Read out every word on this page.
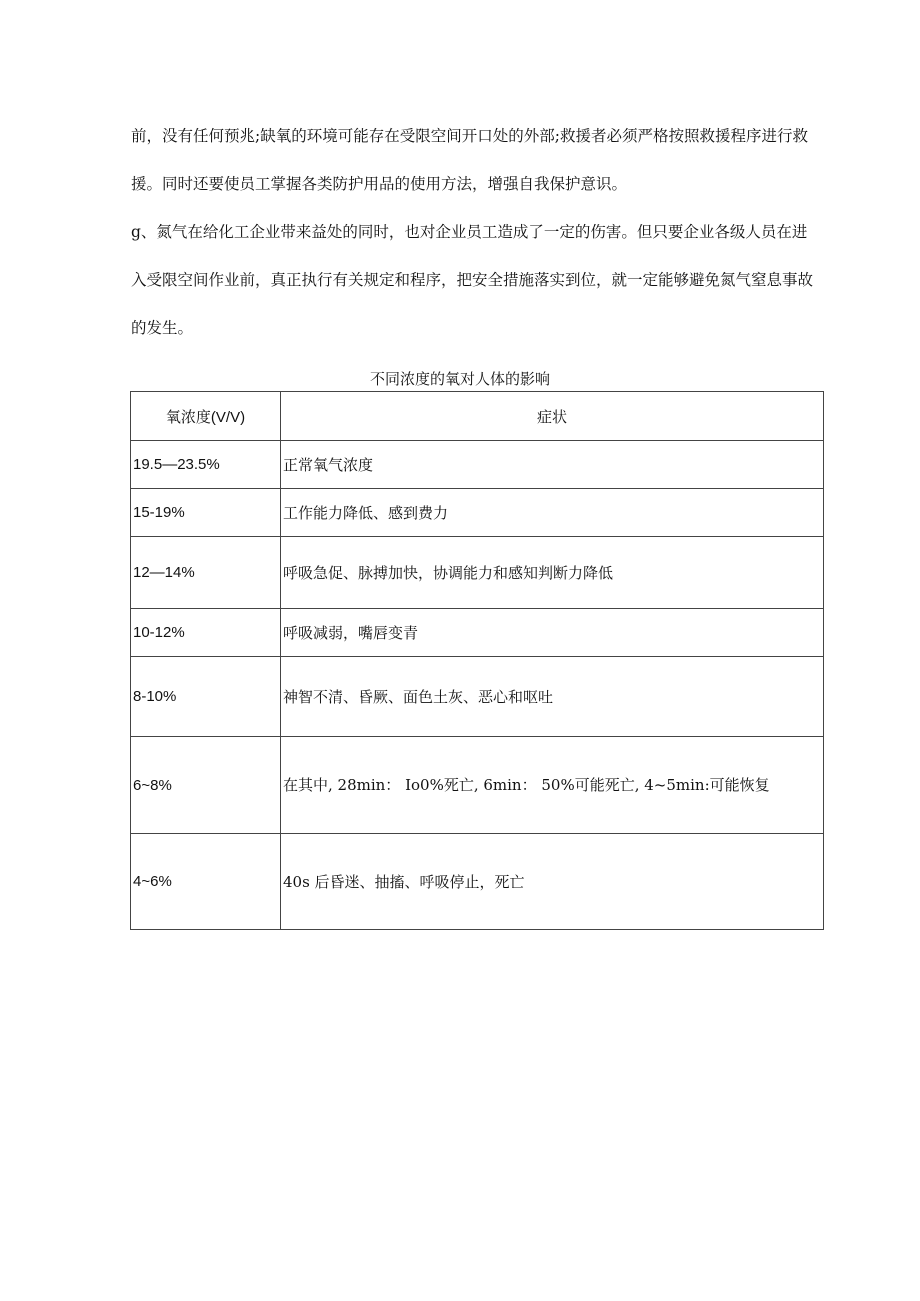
前，没有任何预兆;缺氧的环境可能存在受限空间开口处的外部;救援者必须严格按照救援程序进行救援。同时还要使员工掌握各类防护用品的使用方法，增强自我保护意识。

g、氮气在给化工企业带来益处的同时，也对企业员工造成了一定的伤害。但只要企业各级人员在进入受限空间作业前，真正执行有关规定和程序，把安全措施落实到位，就一定能够避免氮气窒息事故的发生。

不同浓度的氧对人体的影响
氧浓度(V/V)	症状
19.5—23.5%	正常氧气浓度
15-19%	工作能力降低、感到费力
12—14%	呼吸急促、脉搏加快，协调能力和感知判断力降低
10-12%	呼吸减弱，嘴唇变青
8-10%	神智不清、昏厥、面色土灰、恶心和呕吐
6~8%	在其中, 28min： Io0%死亡, 6min： 50%可能死亡, 4~5min:可能恢复
4~6%	40s 后昏迷、抽搐、呼吸停止，死亡
